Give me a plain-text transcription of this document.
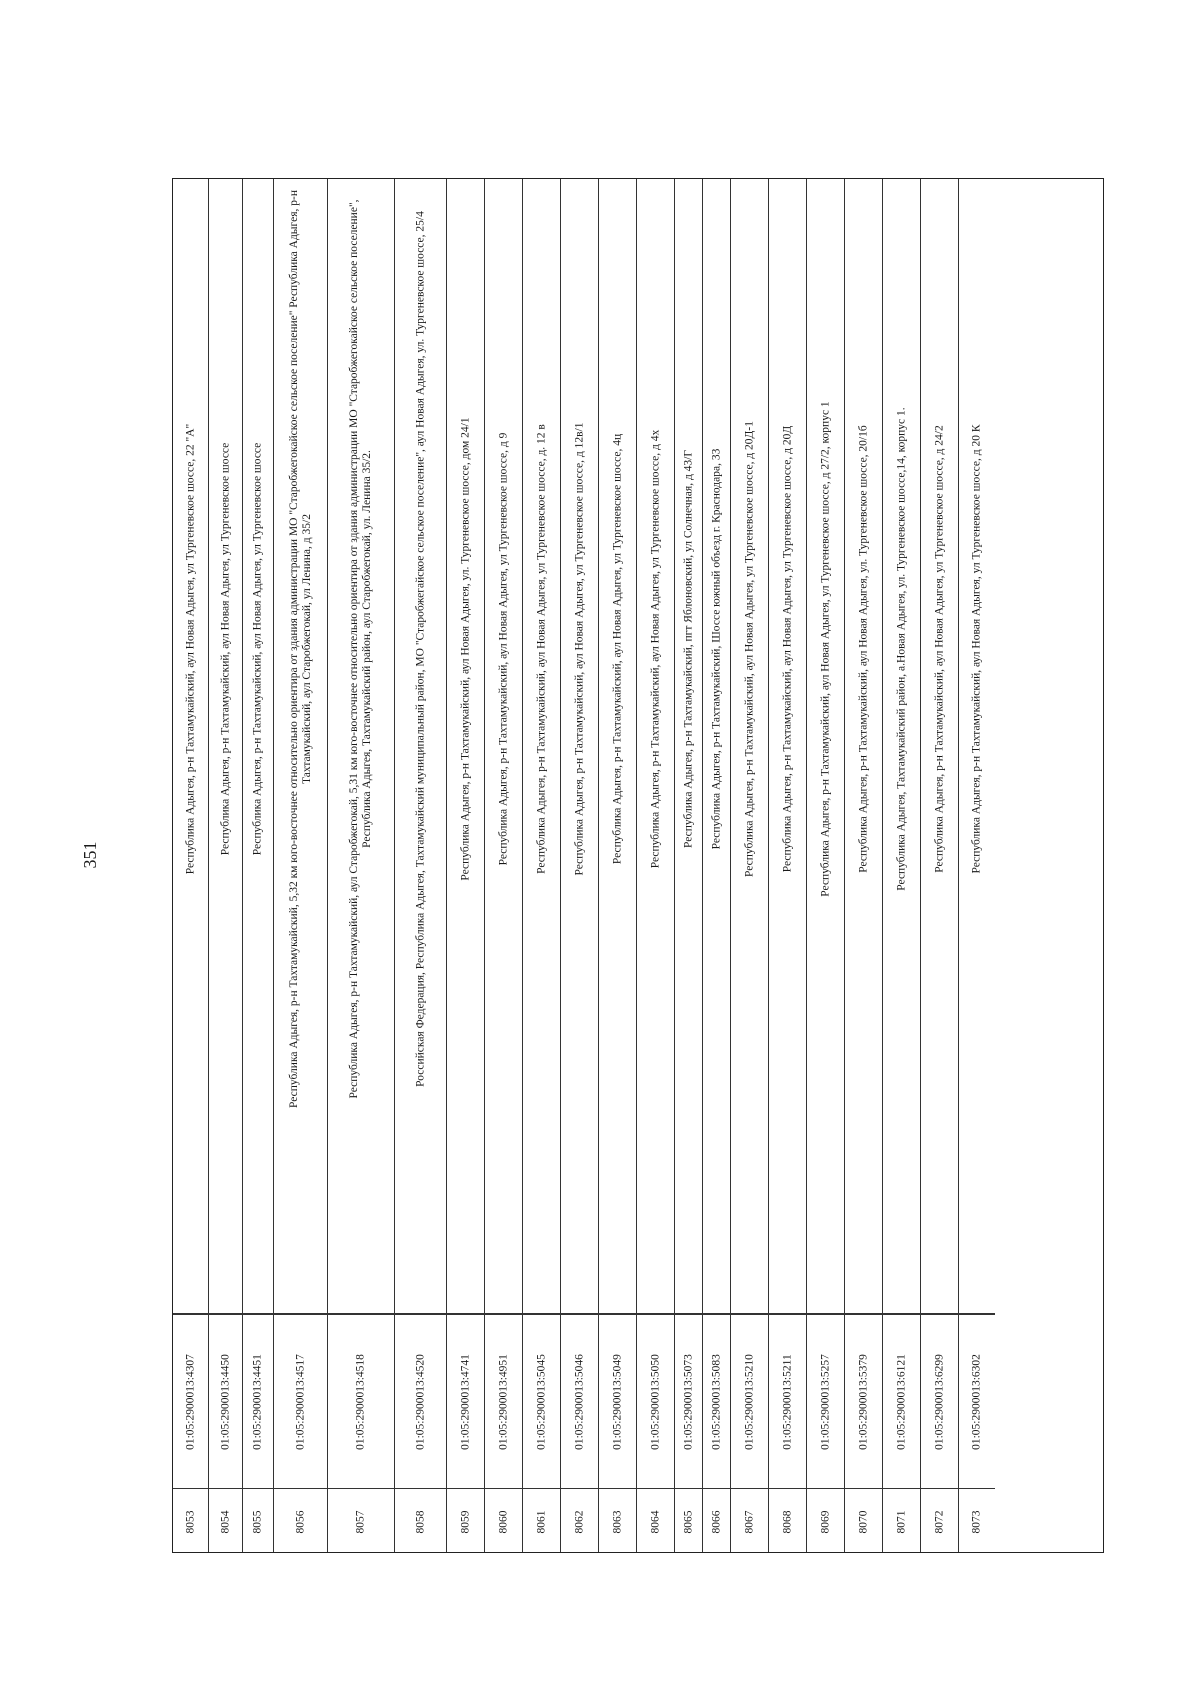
351
8053
01:05:2900013:4307
Республика Адыгея, р-н Тахтамукайский, аул Новая Адыгея, ул Тургеневское шоссе, 22 "А"
8054
01:05:2900013:4450
Республика Адыгея, р-н Тахтамукайский, аул Новая Адыгея, ул Тургеневское шоссе
8055
01:05:2900013:4451
Республика Адыгея, р-н Тахтамукайский, аул Новая Адыгея, ул Тургеневское шоссе
8056
01:05:2900013:4517
Республика Адыгея, р-н Тахтамукайский, 5,32 км юго-восточнее относительно ориентира от здания администрации МО "Старобжегокайское сельское поселение" Республика Адыгея, р-н Тахтамукайский, аул Старобжегокай, ул Ленина, д 35/2
8057
01:05:2900013:4518
Республика Адыгея, р-н Тахтамукайский, аул Старобжегокай, 5,31 км юго-восточнее относительно ориентира от здания администрации МО "Старобжегокайское сельское поселение", Республика Адыгея, Тахтамукайский район, аул Старобжегокай, ул. Ленина 35/2.
8058
01:05:2900013:4520
Российская Федерация, Республика Адыгея, Тахтамукайский муниципальный район, МО "Старобжегайское сельское поселение", аул Новая Адыгея, ул. Тургеневское шоссе, 25/4
8059
01:05:2900013:4741
Республика Адыгея, р-н Тахтамукайский, аул Новая Адыгея, ул. Тургеневское шоссе, дом 24/1
8060
01:05:2900013:4951
Республика Адыгея, р-н Тахтамукайский, аул Новая Адыгея, ул Тургеневское шоссе, д 9
8061
01:05:2900013:5045
Республика Адыгея, р-н Тахтамукайский, аул Новая Адыгея, ул Тургеневское шоссе, д. 12 в
8062
01:05:2900013:5046
Республика Адыгея, р-н Тахтамукайский, аул Новая Адыгея, ул Тургеневское шоссе, д 12в/1
8063
01:05:2900013:5049
Республика Адыгея, р-н Тахтамукайский, аул Новая Адыгея, ул Тургеневское шоссе, 4ц
8064
01:05:2900013:5050
Республика Адыгея, р-н Тахтамукайский, аул Новая Адыгея, ул Тургеневское шоссе, д 4х
8065
01:05:2900013:5073
Республика Адыгея, р-н Тахтамукайский, пгт Яблоновский, ул Солнечная, д 43/Г
8066
01:05:2900013:5083
Республика Адыгея, р-н Тахтамукайский, Шоссе южный объезд г. Краснодара, 33
8067
01:05:2900013:5210
Республика Адыгея, р-н Тахтамукайский, аул Новая Адыгея, ул Тургеневское шоссе, д 20Д-1
8068
01:05:2900013:5211
Республика Адыгея, р-н Тахтамукайский, аул Новая Адыгея, ул Тургеневское шоссе, д 20Д
8069
01:05:2900013:5257
Республика Адыгея, р-н Тахтамукайский, аул Новая Адыгея, ул Тургеневское шоссе, д 27/2, корпус 1
8070
01:05:2900013:5379
Республика Адыгея, р-н Тахтамукайский, аул Новая Адыгея, ул. Тургеневское шоссе, 20/1б
8071
01:05:2900013:6121
Республика Адыгея, Тахтамукайский район, а.Новая Адыгея, ул. Тургеневское шоссе,14, корпус 1.
8072
01:05:2900013:6299
Республика Адыгея, р-н Тахтамукайский, аул Новая Адыгея, ул Тургеневское шоссе, д 24/2
8073
01:05:2900013:6302
Республика Адыгея, р-н Тахтамукайский, аул Новая Адыгея, ул Тургеневское шоссе, д 20 К
